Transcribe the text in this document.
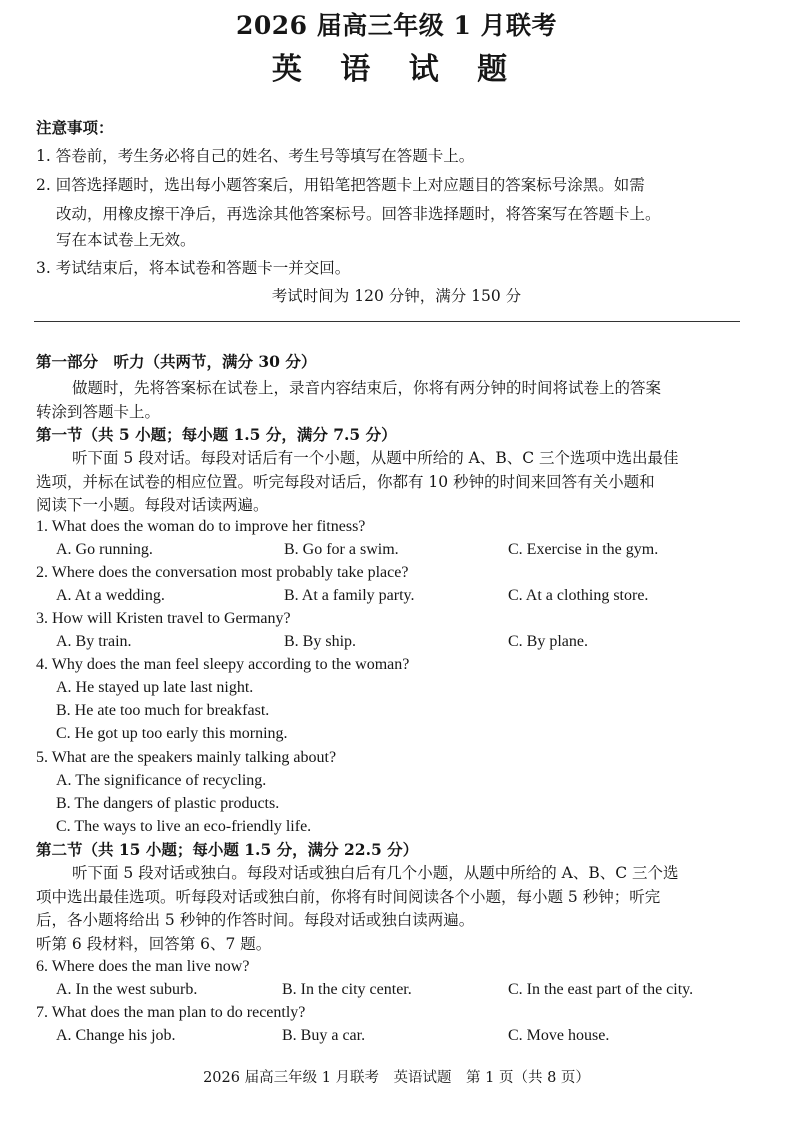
2026 届高三年级 1 月联考
英 语 试 题
注意事项：
1. 答卷前，考生务必将自己的姓名、考生号等填写在答题卡上。
2. 回答选择题时，选出每小题答案后，用铅笔把答题卡上对应题目的答案标号涂黑。如需
改动，用橡皮擦干净后，再选涂其他答案标号。回答非选择题时，将答案写在答题卡上。
写在本试卷上无效。
3. 考试结束后，将本试卷和答题卡一并交回。
考试时间为 120 分钟，满分 150 分
第一部分　听力（共两节，满分 30 分）
做题时，先将答案标在试卷上，录音内容结束后，你将有两分钟的时间将试卷上的答案
转涂到答题卡上。
第一节（共 5 小题；每小题 1.5 分，满分 7.5 分）
听下面 5 段对话。每段对话后有一个小题，从题中所给的 A、B、C 三个选项中选出最佳
选项，并标在试卷的相应位置。听完每段对话后，你都有 10 秒钟的时间来回答有关小题和
阅读下一小题。每段对话读两遍。
1. What does the woman do to improve her fitness?
A. Go running.	B. Go for a swim.	C. Exercise in the gym.
2. Where does the conversation most probably take place?
A. At a wedding.	B. At a family party.	C. At a clothing store.
3. How will Kristen travel to Germany?
A. By train.	B. By ship.	C. By plane.
4. Why does the man feel sleepy according to the woman?
A. He stayed up late last night.
B. He ate too much for breakfast.
C. He got up too early this morning.
5. What are the speakers mainly talking about?
A. The significance of recycling.
B. The dangers of plastic products.
C. The ways to live an eco-friendly life.
第二节（共 15 小题；每小题 1.5 分，满分 22.5 分）
听下面 5 段对话或独白。每段对话或独白后有几个小题，从题中所给的 A、B、C 三个选
项中选出最佳选项。听每段对话或独白前，你将有时间阅读各个小题，每小题 5 秒钟；听完
后，各小题将给出 5 秒钟的作答时间。每段对话或独白读两遍。
听第 6 段材料，回答第 6、7 题。
6. Where does the man live now?
A. In the west suburb.	B. In the city center.	C. In the east part of the city.
7. What does the man plan to do recently?
A. Change his job.	B. Buy a car.	C. Move house.
2026 届高三年级 1 月联考　英语试题　第 1 页（共 8 页）
